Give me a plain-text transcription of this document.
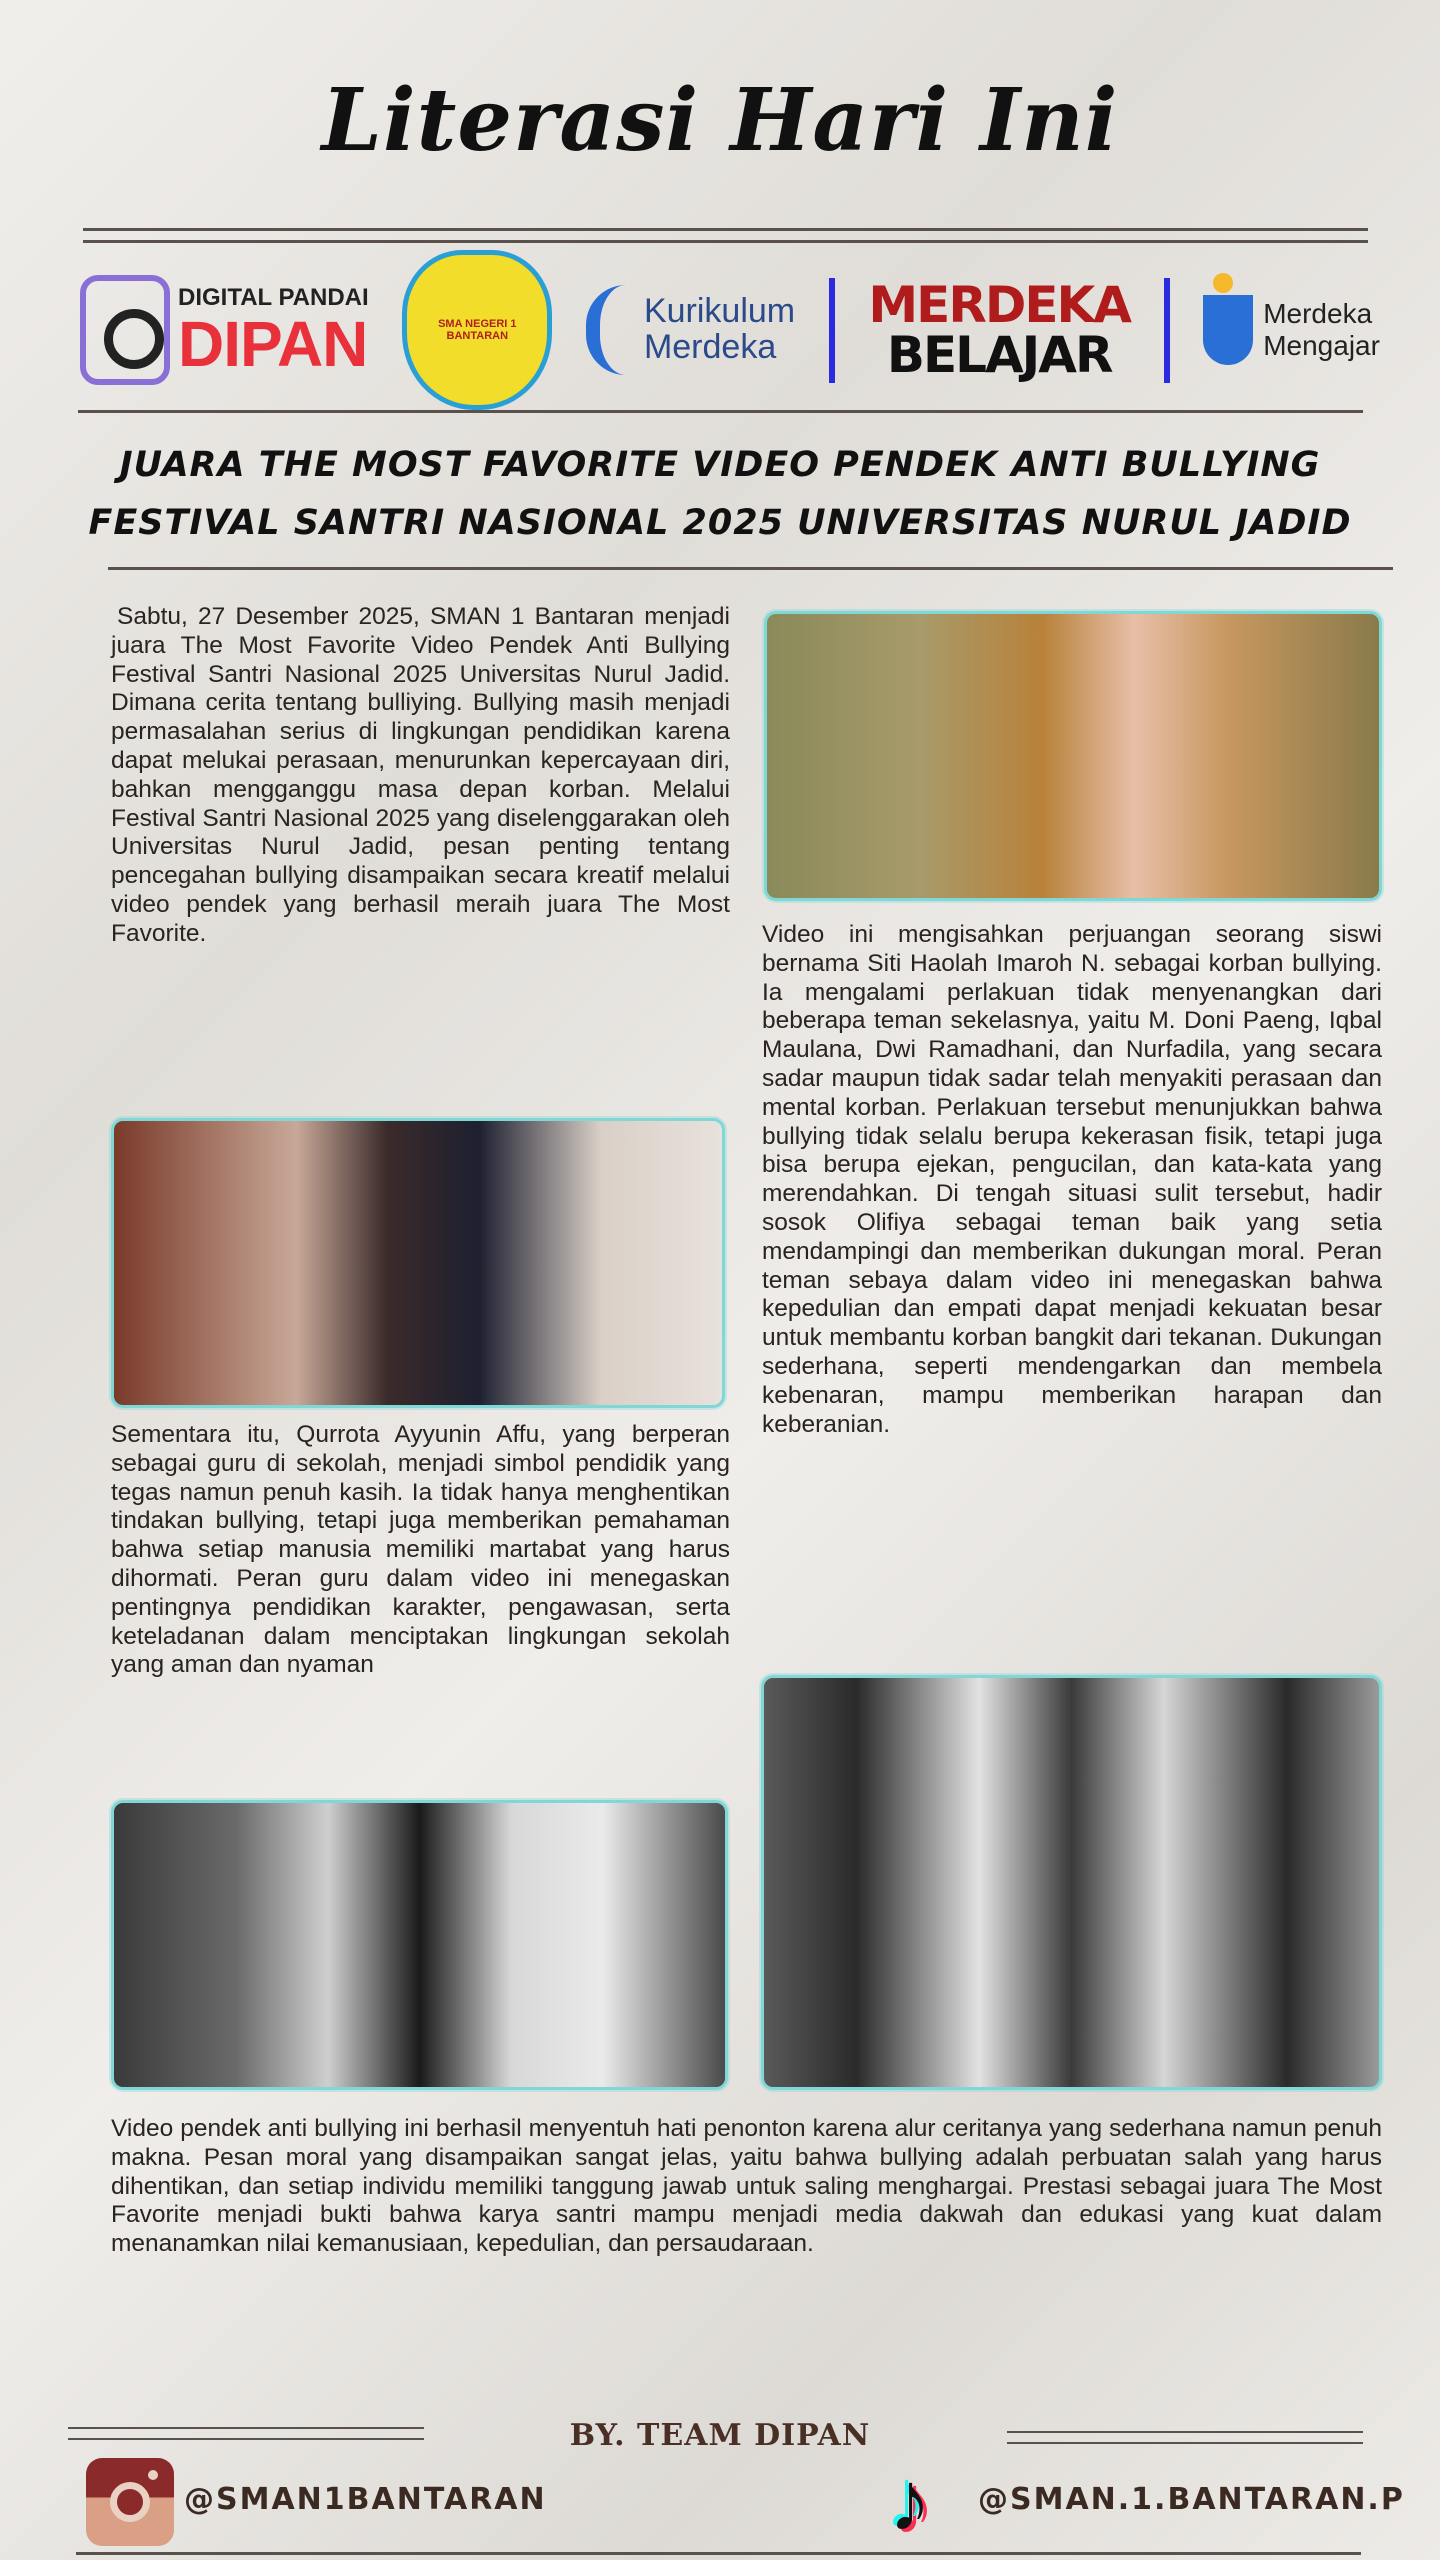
Literasi Hari Ini
DIGITAL PANDAI
DIPAN	SMA NEGERI 1 BANTARAN
Kurikulum
Merdeka
MERDEKA
BELAJAR
Merdeka
Mengajar
JUARA THE MOST FAVORITE VIDEO PENDEK ANTI BULLYING
FESTIVAL SANTRI NASIONAL 2025 UNIVERSITAS NURUL JADID
Sabtu, 27 Desember 2025, SMAN 1 Bantaran menjadi juara The Most Favorite Video Pendek Anti Bullying Festival Santri Nasional 2025 Universitas Nurul Jadid. Dimana cerita tentang bulliying. Bullying masih menjadi permasalahan serius di lingkungan pendidikan karena dapat melukai perasaan, menurunkan kepercayaan diri, bahkan mengganggu masa depan korban. Melalui Festival Santri Nasional 2025 yang diselenggarakan oleh Universitas Nurul Jadid, pesan penting tentang pencegahan bullying disampaikan secara kreatif melalui video pendek yang berhasil meraih juara The Most Favorite.
Sementara itu, Qurrota Ayyunin Affu, yang berperan sebagai guru di sekolah, menjadi simbol pendidik yang tegas namun penuh kasih. Ia tidak hanya menghentikan tindakan bullying, tetapi juga memberikan pemahaman bahwa setiap manusia memiliki martabat yang harus dihormati. Peran guru dalam video ini menegaskan pentingnya pendidikan karakter, pengawasan, serta keteladanan dalam menciptakan lingkungan sekolah yang aman dan nyaman
Video ini mengisahkan perjuangan seorang siswi bernama Siti Haolah Imaroh N. sebagai korban bullying. Ia mengalami perlakuan tidak menyenangkan dari beberapa teman sekelasnya, yaitu M. Doni Paeng, Iqbal Maulana, Dwi Ramadhani, dan Nurfadila, yang secara sadar maupun tidak sadar telah menyakiti perasaan dan mental korban. Perlakuan tersebut menunjukkan bahwa bullying tidak selalu berupa kekerasan fisik, tetapi juga bisa berupa ejekan, pengucilan, dan kata-kata yang merendahkan. Di tengah situasi sulit tersebut, hadir sosok Olifiya sebagai teman baik yang setia mendampingi dan memberikan dukungan moral. Peran teman sebaya dalam video ini menegaskan bahwa kepedulian dan empati dapat menjadi kekuatan besar untuk membantu korban bangkit dari tekanan. Dukungan sederhana, seperti mendengarkan dan membela kebenaran, mampu memberikan harapan dan keberanian.
Video pendek anti bullying ini berhasil menyentuh hati penonton karena alur ceritanya yang sederhana namun penuh makna. Pesan moral yang disampaikan sangat jelas, yaitu bahwa bullying adalah perbuatan salah yang harus dihentikan, dan setiap individu memiliki tanggung jawab untuk saling menghargai. Prestasi sebagai juara The Most Favorite menjadi bukti bahwa karya santri mampu menjadi media dakwah dan edukasi yang kuat dalam menanamkan nilai kemanusiaan, kepedulian, dan persaudaraan.
BY. TEAM DIPAN
@SMAN1BANTARAN	♪	@SMAN.1.BANTARAN.P
